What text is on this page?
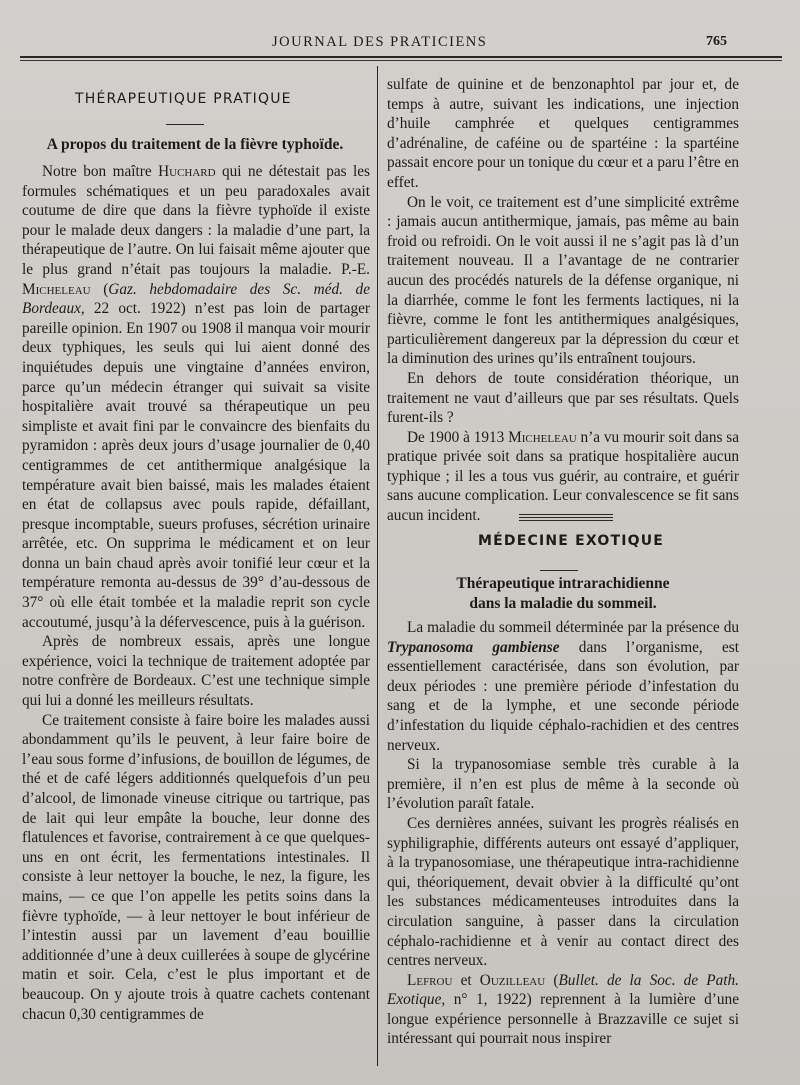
JOURNAL DES PRATICIENS	765
THÉRAPEUTIQUE PRATIQUE
A propos du traitement de la fièvre typhoïde.

Notre bon maître Huchard qui ne détestait pas les formules schématiques et un peu paradoxales avait coutume de dire que dans la fièvre typhoïde il existe pour le malade deux dangers : la maladie d’une part, la thérapeutique de l’autre. On lui faisait même ajouter que le plus grand n’était pas toujours la maladie. P.-E. Micheleau (Gaz. hebdomadaire des Sc. méd. de Bordeaux, 22 oct. 1922) n’est pas loin de partager pareille opinion. En 1907 ou 1908 il manqua voir mourir deux typhiques, les seuls qui lui aient donné des inquiétudes depuis une vingtaine d’années environ, parce qu’un médecin étranger qui suivait sa visite hospitalière avait trouvé sa thérapeutique un peu simpliste et avait fini par le convaincre des bienfaits du pyramidon : après deux jours d’usage journalier de 0,40 centigrammes de cet antithermique analgésique la température avait bien baissé, mais les malades étaient en état de collapsus avec pouls rapide, défaillant, presque incomptable, sueurs profuses, sécrétion urinaire arrêtée, etc. On supprima le médicament et on leur donna un bain chaud après avoir tonifié leur cœur et la température remonta au-dessus de 39° d’au-dessous de 37° où elle était tombée et la maladie reprit son cycle accoutumé, jusqu’à la défervescence, puis à la guérison.

Après de nombreux essais, après une longue expérience, voici la technique de traitement adoptée par notre confrère de Bordeaux. C’est une technique simple qui lui a donné les meilleurs résultats.

Ce traitement consiste à faire boire les malades aussi abondamment qu’ils le peuvent, à leur faire boire de l’eau sous forme d’infusions, de bouillon de légumes, de thé et de café légers additionnés quelquefois d’un peu d’alcool, de limonade vineuse citrique ou tartrique, pas de lait qui leur empâte la bouche, leur donne des flatulences et favorise, contrairement à ce que quelques-uns en ont écrit, les fermentations intestinales. Il consiste à leur nettoyer la bouche, le nez, la figure, les mains, — ce que l’on appelle les petits soins dans la fièvre typhoïde, — à leur nettoyer le bout inférieur de l’intestin aussi par un lavement d’eau bouillie additionnée d’une à deux cuillerées à soupe de glycérine matin et soir. Cela, c’est le plus important et de beaucoup. On y ajoute trois à quatre cachets contenant chacun 0,30 centigrammes de

sulfate de quinine et de benzonaphtol par jour et, de temps à autre, suivant les indications, une injection d’huile camphrée et quelques centigrammes d’adrénaline, de caféine ou de spartéine : la spartéine passait encore pour un tonique du cœur et a paru l’être en effet.

On le voit, ce traitement est d’une simplicité extrême : jamais aucun antithermique, jamais, pas même au bain froid ou refroidi. On le voit aussi il ne s’agit pas là d’un traitement nouveau. Il a l’avantage de ne contrarier aucun des procédés naturels de la défense organique, ni la diarrhée, comme le font les ferments lactiques, ni la fièvre, comme le font les antithermiques analgésiques, particulièrement dangereux par la dépression du cœur et la diminution des urines qu’ils entraînent toujours.

En dehors de toute considération théorique, un traitement ne vaut d’ailleurs que par ses résultats. Quels furent-ils ?

De 1900 à 1913 Micheleau n’a vu mourir soit dans sa pratique privée soit dans sa pratique hospitalière aucun typhique ; il les a tous vus guérir, au contraire, et guérir sans aucune complication. Leur convalescence se fit sans aucun incident.

MÉDECINE EXOTIQUE
Thérapeutique intrarachidienne
dans la maladie du sommeil.

La maladie du sommeil déterminée par la présence du Trypanosoma gambiense dans l’organisme, est essentiellement caractérisée, dans son évolution, par deux périodes : une première période d’infestation du sang et de la lymphe, et une seconde période d’infestation du liquide céphalo-rachidien et des centres nerveux.

Si la trypanosomiase semble très curable à la première, il n’en est plus de même à la seconde où l’évolution paraît fatale.

Ces dernières années, suivant les progrès réalisés en syphiligraphie, différents auteurs ont essayé d’appliquer, à la trypanosomiase, une thérapeutique intra-rachidienne qui, théoriquement, devait obvier à la difficulté qu’ont les substances médicamenteuses introduites dans la circulation sanguine, à passer dans la circulation céphalo-rachidienne et à venir au contact direct des centres nerveux.

Lefrou et Ouzilleau (Bullet. de la Soc. de Path. Exotique, n° 1, 1922) reprennent à la lumière d’une longue expérience personnelle à Brazzaville ce sujet si intéressant qui pourrait nous inspirer
